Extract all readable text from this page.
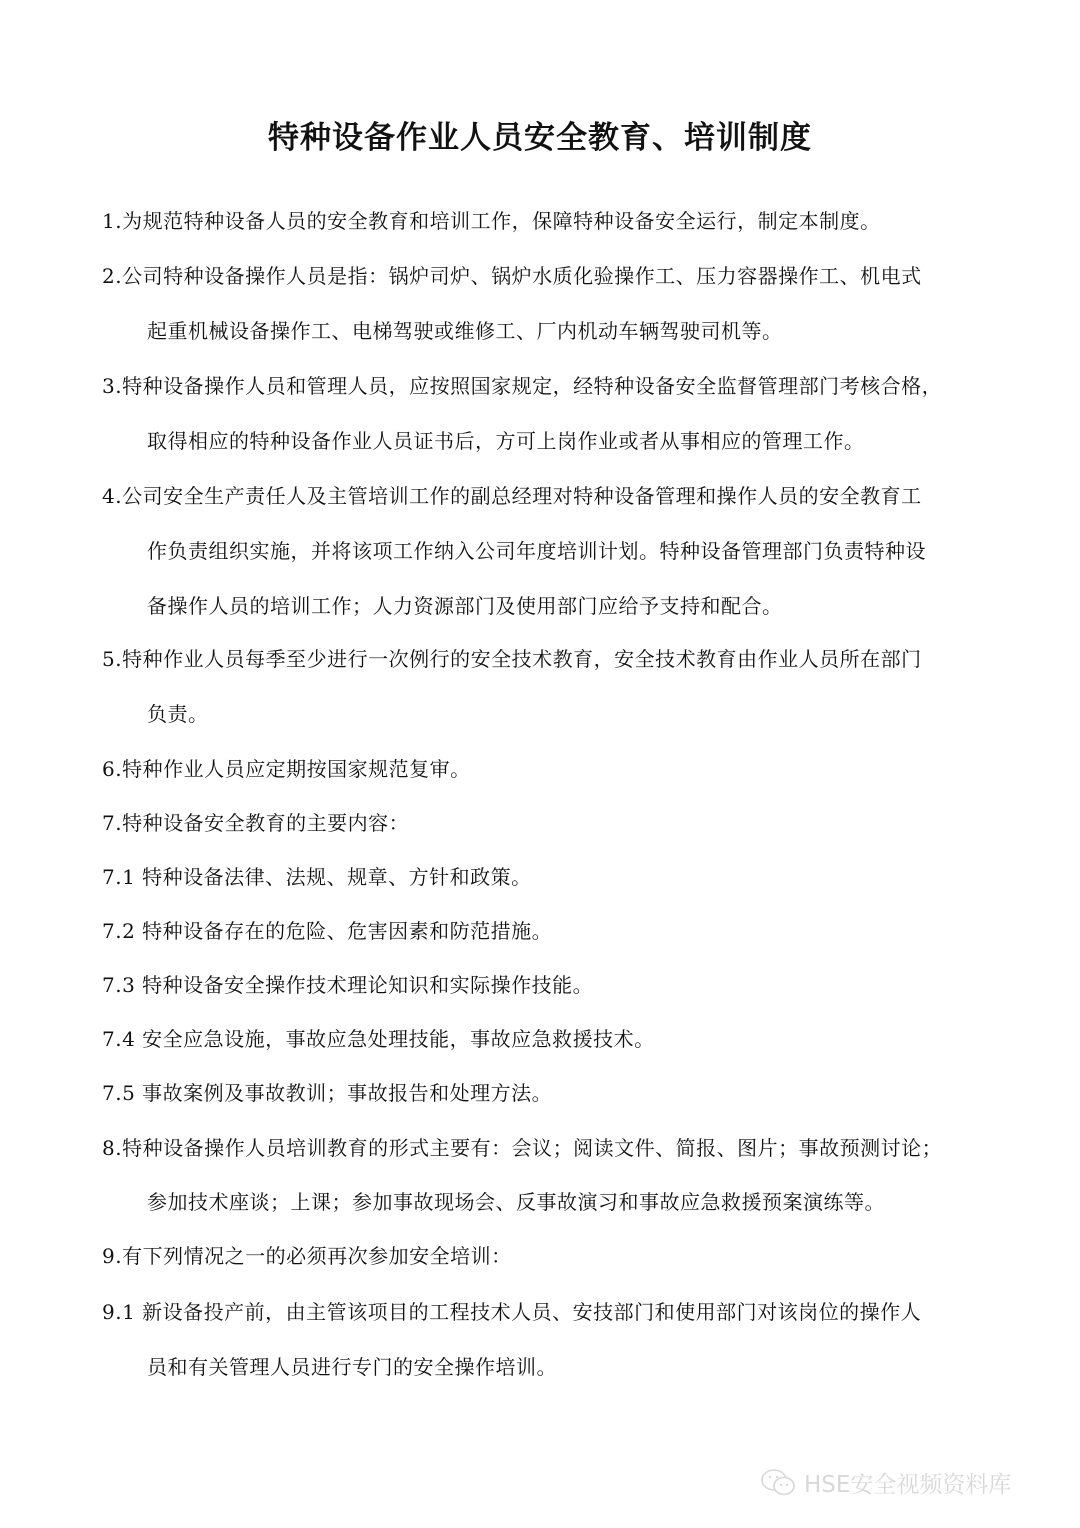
特种设备作业人员安全教育、培训制度
1.为规范特种设备人员的安全教育和培训工作，保障特种设备安全运行，制定本制度。
2.公司特种设备操作人员是指：锅炉司炉、锅炉水质化验操作工、压力容器操作工、机电式
起重机械设备操作工、电梯驾驶或维修工、厂内机动车辆驾驶司机等。
3.特种设备操作人员和管理人员，应按照国家规定，经特种设备安全监督管理部门考核合格，
取得相应的特种设备作业人员证书后，方可上岗作业或者从事相应的管理工作。
4.公司安全生产责任人及主管培训工作的副总经理对特种设备管理和操作人员的安全教育工
作负责组织实施，并将该项工作纳入公司年度培训计划。特种设备管理部门负责特种设
备操作人员的培训工作；人力资源部门及使用部门应给予支持和配合。
5.特种作业人员每季至少进行一次例行的安全技术教育，安全技术教育由作业人员所在部门
负责。
6.特种作业人员应定期按国家规范复审。
7.特种设备安全教育的主要内容：
7.1 特种设备法律、法规、规章、方针和政策。
7.2 特种设备存在的危险、危害因素和防范措施。
7.3 特种设备安全操作技术理论知识和实际操作技能。
7.4 安全应急设施，事故应急处理技能，事故应急救援技术。
7.5 事故案例及事故教训；事故报告和处理方法。
8.特种设备操作人员培训教育的形式主要有：会议；阅读文件、简报、图片；事故预测讨论；
参加技术座谈；上课；参加事故现场会、反事故演习和事故应急救援预案演练等。
9.有下列情况之一的必须再次参加安全培训：
9.1 新设备投产前，由主管该项目的工程技术人员、安技部门和使用部门对该岗位的操作人
员和有关管理人员进行专门的安全操作培训。
HSE安全视频资料库
